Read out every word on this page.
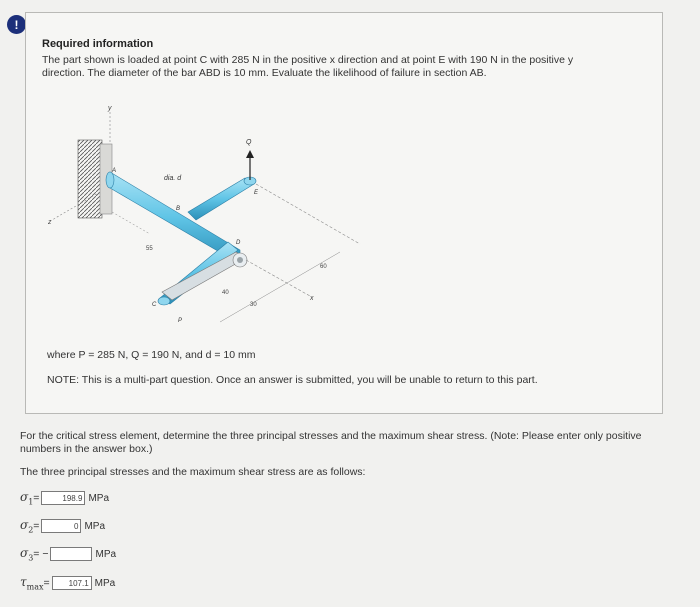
!
Required information
The part shown is loaded at point C with 285 N in the positive x direction and at point E with 190 N in the positive y direction. The diameter of the bar ABD is 10 mm. Evaluate the likelihood of failure in section AB.
y
z
Q
x
60
A
B
D
E
C
P
dia. d
55
40
30
where P = 285 N, Q = 190 N, and d = 10 mm
NOTE: This is a multi-part question. Once an answer is submitted, you will be unable to return to this part.
For the critical stress element, determine the three principal stresses and the maximum shear stress. (Note: Please enter only positive numbers in the answer box.)
The three principal stresses and the maximum shear stress are as follows:
$\sigma_1$ =	198.9 MPa
$\sigma_2$ =	0 MPa
$\sigma_3$ = −	MPa
$\tau_{max}$ =	107.1 MPa
